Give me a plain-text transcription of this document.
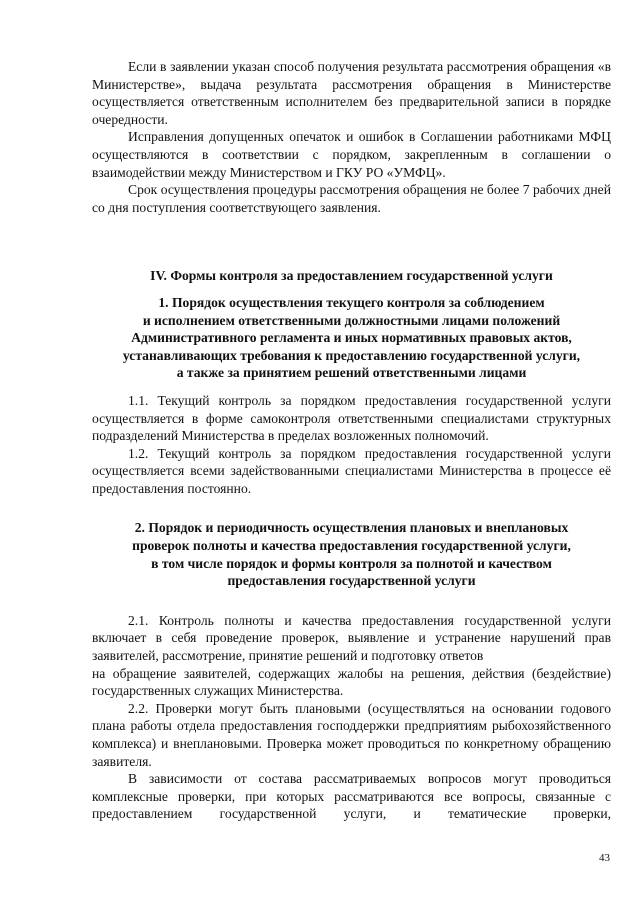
Если в заявлении указан способ получения результата рассмотрения обращения «в Министерстве», выдача результата рассмотрения обращения в Министерстве осуществляется ответственным исполнителем без предварительной записи в порядке очередности.

Исправления допущенных опечаток и ошибок в Соглашении работниками МФЦ осуществляются в соответствии с порядком, закрепленным в соглашении о взаимодействии между Министерством и ГКУ РО «УМФЦ».

Срок осуществления процедуры рассмотрения обращения не более 7 рабочих дней со дня поступления соответствующего заявления.

IV. Формы контроля за предоставлением государственной услуги
1. Порядок осуществления текущего контроля за соблюдением
и исполнением ответственными должностными лицами положений
Административного регламента и иных нормативных правовых актов,
устанавливающих требования к предоставлению государственной услуги,
а также за принятием решений ответственными лицами

1.1. Текущий контроль за порядком предоставления государственной услуги осуществляется в форме самоконтроля ответственными специалистами структурных подразделений Министерства в пределах возложенных полномочий.

1.2. Текущий контроль за порядком предоставления государственной услуги осуществляется всеми задействованными специалистами Министерства в процессе её предоставления постоянно.

2. Порядок и периодичность осуществления плановых и внеплановых
проверок полноты и качества предоставления государственной услуги,
в том числе порядок и формы контроля за полнотой и качеством
предоставления государственной услуги

2.1. Контроль полноты и качества предоставления государственной услуги включает в себя проведение проверок, выявление и устранение нарушений прав заявителей, рассмотрение, принятие решений и подготовку ответов

на обращение заявителей, содержащих жалобы на решения, действия (бездействие) государственных служащих Министерства.

2.2. Проверки могут быть плановыми (осуществляться на основании годового плана работы отдела предоставления господдержки предприятиям рыбохозяйственного комплекса) и внеплановыми. Проверка может проводиться по конкретному обращению заявителя.

В зависимости от состава рассматриваемых вопросов могут проводиться комплексные проверки, при которых рассматриваются все вопросы, связанные с предоставлением государственной услуги, и тематические проверки,

43
